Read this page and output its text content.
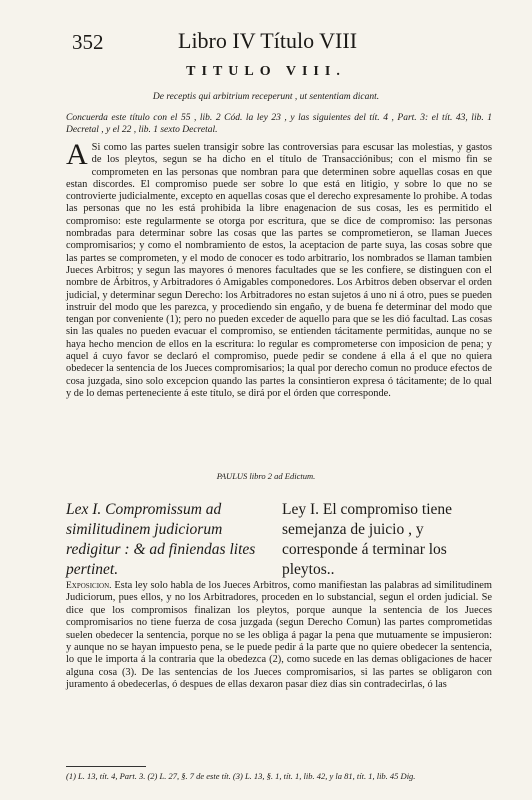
352	Libro IV Título VIII
TITULO VIII.
De receptis qui arbitrium receperunt , ut sententiam dicant.
Concuerda este título con el 55 , lib. 2 Cód. la ley 23 , y las siguientes del tít. 4 , Part. 3: el tít. 43, lib. 1 Decretal , y el 22 , lib. 1 sexto Decretal.
A Si como las partes suelen transigir sobre las controversias para escusar las molestias, y gastos de los pleytos, segun se ha dicho en el título de Transacciónibus; con el mismo fin se comprometen en las personas que nombran para que determinen sobre aquellas cosas en que estan discordes. El compromiso puede ser sobre lo que está en litigio, y sobre lo que no se controvierte judicialmente, excepto en aquellas cosas que el derecho expresamente lo prohibe. A todas las personas que no les está prohibida la libre enagenacion de sus cosas, les es permitido el compromiso: este regularmente se otorga por escritura, que se dice de compromiso: las personas nombradas para determinar sobre las cosas que las partes se comprometieron, se llaman Jueces compromisarios; y como el nombramiento de estos, la aceptacion de parte suya, las cosas sobre que las partes se comprometen, y el modo de conocer es todo arbitrario, los nombrados se llaman tambien Jueces Arbitros; y segun las mayores ó menores facultades que se les confiere, se distinguen con el nombre de Árbitros, y Arbitradores ó Amigables componedores. Los Arbitros deben observar el orden judicial, y determinar segun Derecho: los Arbitradores no estan sujetos á uno ni á otro, pues se pueden instruir del modo que les parezca, y procediendo sin engaño, y de buena fe determinar del modo que tengan por conveniente (1); pero no pueden exceder de aquello para que se les dió facultad. Las cosas sin las quales no pueden evacuar el compromiso, se entienden tácitamente permitidas, aunque no se haya hecho mencion de ellos en la escritura: lo regular es comprometerse con imposicion de pena; y aquel á cuyo favor se declaró el compromiso, puede pedir se condene á ella á el que no quiera obedecer la sentencia de los Jueces compromisarios; la qual por derecho comun no produce efectos de cosa juzgada, sino solo excepcion quando las partes la consintieron expresa ó tácitamente; de lo qual y de lo demas perteneciente á este título, se dirá por el órden que corresponde.
PAULUS libro 2 ad Edictum.
Lex I. Compromissum ad similitudinem judiciorum redigitur : & ad finiendas lites pertinet.
Ley I. El compromiso tiene semejanza de juicio , y corresponde á terminar los pleytos..
Exposicion. Esta ley solo habla de los Jueces Arbitros, como manifiestan las palabras ad similitudinem Judiciorum, pues ellos, y no los Arbitradores, proceden en lo substancial, segun el orden judicial. Se dice que los compromisos finalizan los pleytos, porque aunque la sentencia de los Jueces compromisarios no tiene fuerza de cosa juzgada (segun Derecho Comun) las partes comprometidas suelen obedecer la sentencia, porque no se les obliga á pagar la pena que mutuamente se impusieron: y aunque no se hayan impuesto pena, se le puede pedir á la parte que no quiere obedecer la sentencia, lo que le importa á la contraria que la obedezca (2), como sucede en las demas obligaciones de hacer alguna cosa (3). De las sentencias de los Jueces compromisarios, si las partes se obligaron con juramento á obedecerlas, ó despues de ellas dexaron pasar diez dias sin contradecirlas, ó las
(1) L. 13, tít. 4, Part. 3. (2) L. 27, §. 7 de este tít. (3) L. 13, §. 1, tít. 1, lib. 42, y la 81, tít. 1, lib. 45 Dig.
